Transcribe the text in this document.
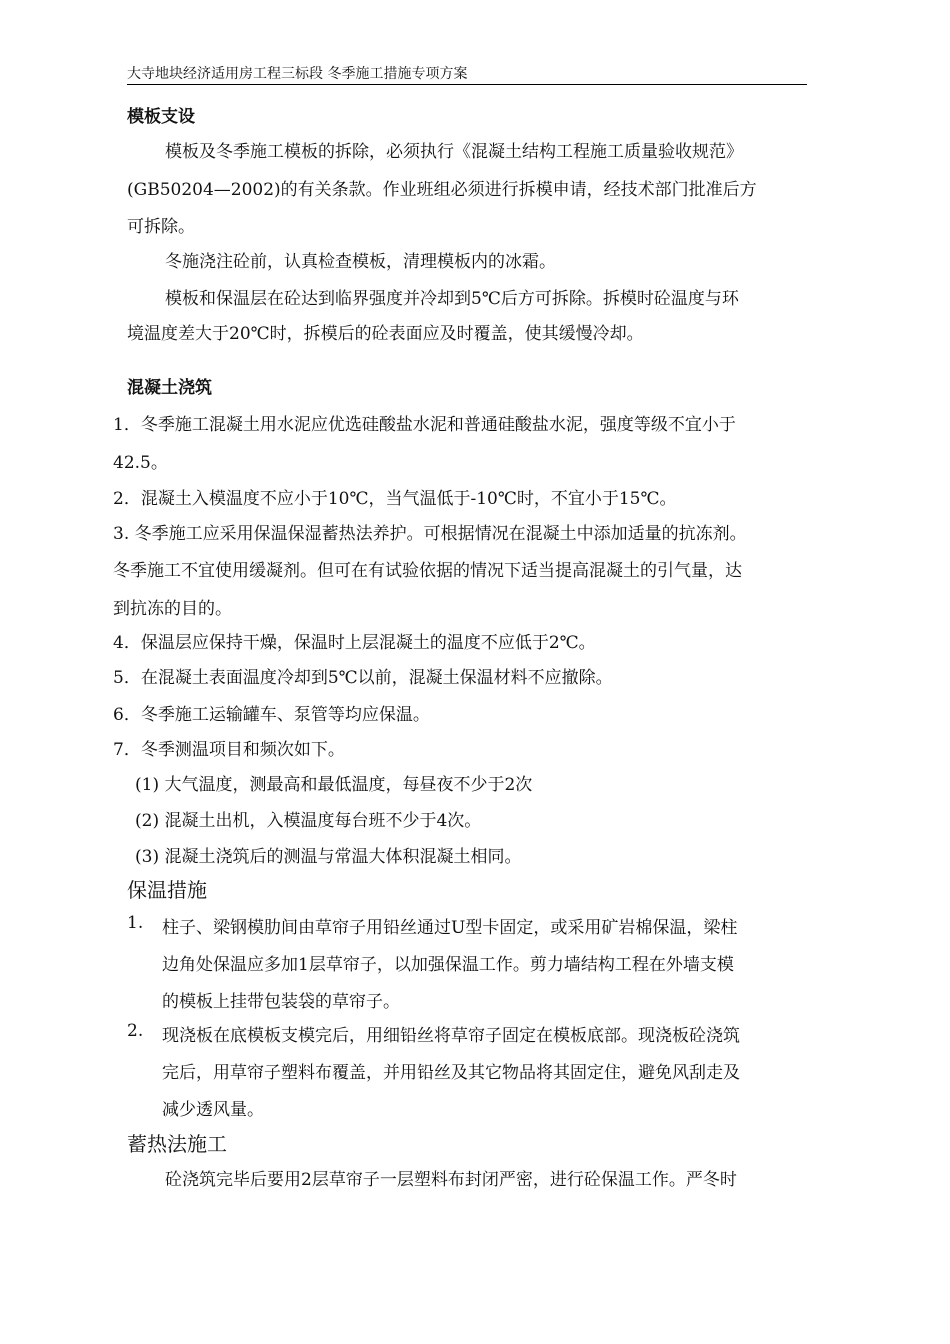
大寺地块经济适用房工程三标段 冬季施工措施专项方案
模板支设
模板及冬季施工模板的拆除，必须执行《混凝土结构工程施工质量验收规范》
(GB50204—2002)的有关条款。作业班组必须进行拆模申请，经技术部门批准后方
可拆除。
冬施浇注砼前，认真检查模板，清理模板内的冰霜。
模板和保温层在砼达到临界强度并冷却到5℃后方可拆除。拆模时砼温度与环
境温度差大于20℃时，拆模后的砼表面应及时覆盖，使其缓慢冷却。
混凝土浇筑
1．冬季施工混凝土用水泥应优选硅酸盐水泥和普通硅酸盐水泥，强度等级不宜小于
42.5。
2．混凝土入模温度不应小于10℃，当气温低于-10℃时，不宜小于15℃。
3. 冬季施工应采用保温保湿蓄热法养护。可根据情况在混凝土中添加适量的抗冻剂。
冬季施工不宜使用缓凝剂。但可在有试验依据的情况下适当提高混凝土的引气量，达
到抗冻的目的。
4．保温层应保持干燥，保温时上层混凝土的温度不应低于2℃。
5．在混凝土表面温度冷却到5℃以前，混凝土保温材料不应撤除。
6．冬季施工运输罐车、泵管等均应保温。
7．冬季测温项目和频次如下。
(1) 大气温度，测最高和最低温度，每昼夜不少于2次
(2) 混凝土出机，入模温度每台班不少于4次。
(3) 混凝土浇筑后的测温与常温大体积混凝土相同。
保温措施
1. 柱子、梁钢模肋间由草帘子用铅丝通过U型卡固定，或采用矿岩棉保温，梁柱
边角处保温应多加1层草帘子，以加强保温工作。剪力墙结构工程在外墙支模
的模板上挂带包装袋的草帘子。
2. 现浇板在底模板支模完后，用细铅丝将草帘子固定在模板底部。现浇板砼浇筑
完后，用草帘子塑料布覆盖，并用铅丝及其它物品将其固定住，避免风刮走及
减少透风量。
蓄热法施工
砼浇筑完毕后要用2层草帘子一层塑料布封闭严密，进行砼保温工作。严冬时
